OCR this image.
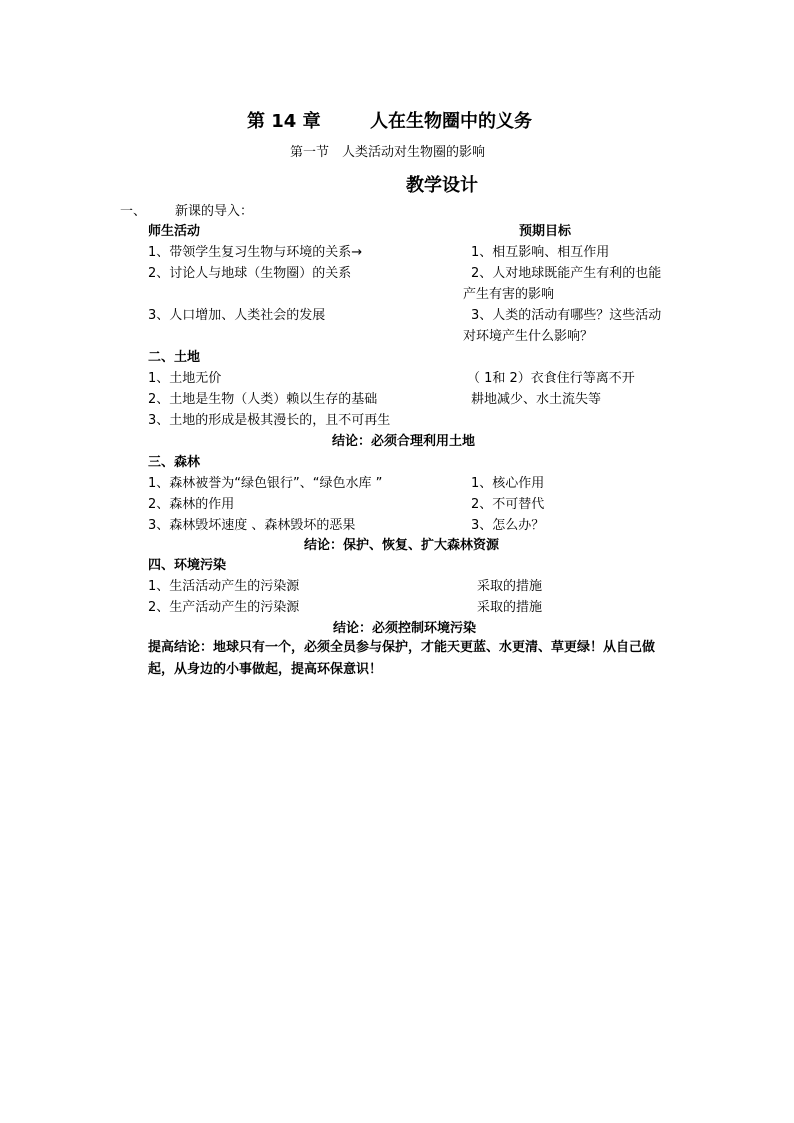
第 14 章	人在生物圈中的义务
第一节　人类活动对生物圈的影响
教学设计
一、 新课的导入：
师生活动	预期目标
1、带领学生复习生物与环境的关系→	1、相互影响、相互作用
2、讨论人与地球（生物圈）的关系	2、人对地球既能产生有利的也能
产生有害的影响
3、人口增加、人类社会的发展	3、人类的活动有哪些？这些活动
对环境产生什么影响？
二、土地
1、土地无价	（ 1和 2）衣食住行等离不开
2、土地是生物（人类）赖以生存的基础	耕地减少、水土流失等
3、土地的形成是极其漫长的，且不可再生
结论：必须合理利用土地
三、森林
1、森林被誉为“绿色银行”、“绿色水库 ”	1、核心作用
2、森林的作用	2、不可替代
3、森林毁坏速度 、森林毁坏的恶果	3、怎么办？
结论：保护、恢复、扩大森林资源
四、环境污染
1、生活活动产生的污染源	采取的措施
2、生产活动产生的污染源	采取的措施
结论：必须控制环境污染
提高结论：地球只有一个，必须全员参与保护，才能天更蓝、水更清、草更绿！从自己做起，从身边的小事做起，提高环保意识！
